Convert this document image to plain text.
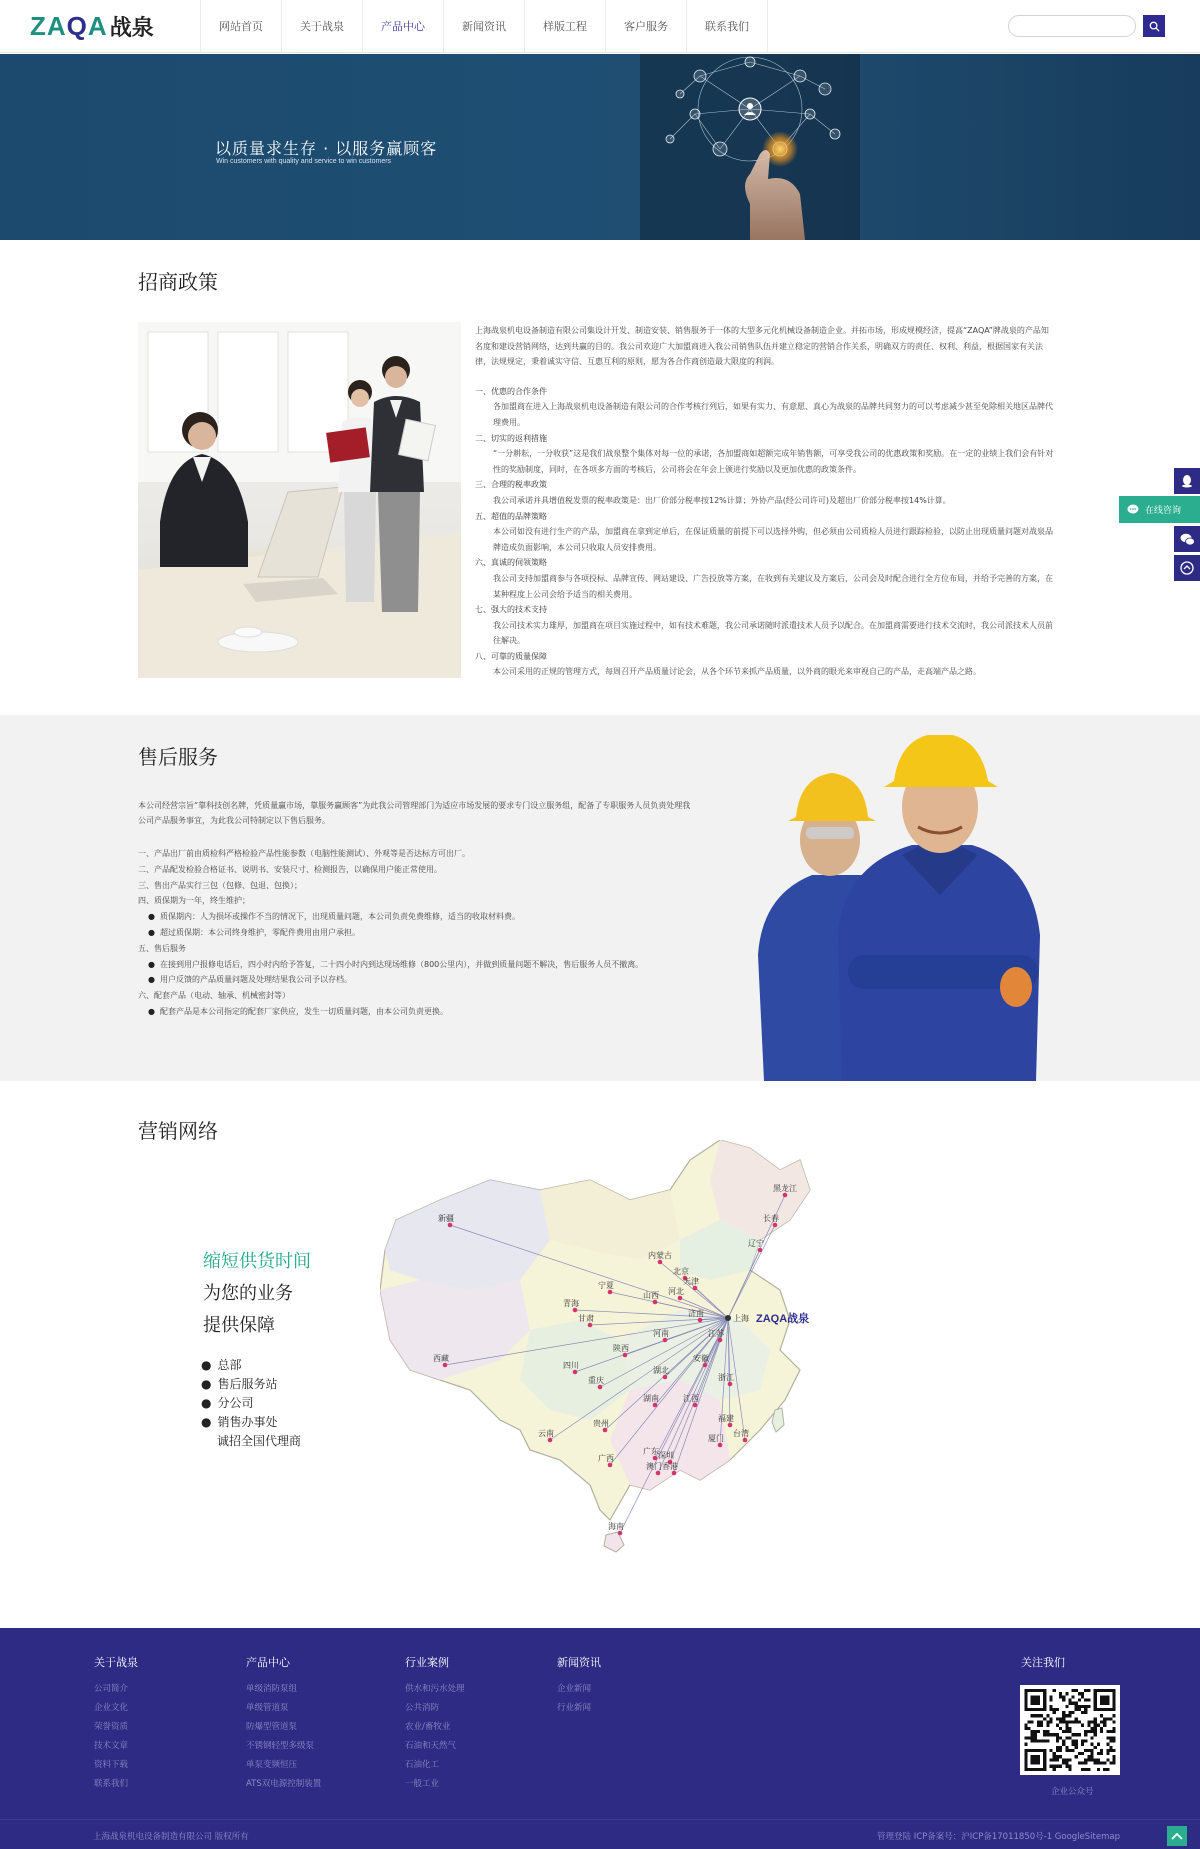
ZAQA 战泉	网站首页	关于战泉	产品中心	新闻资讯	样版工程	客户服务	联系我们
以质量求生存 · 以服务赢顾客
Win customers with quality and service to win customers
招商政策

上海战泉机电设备制造有限公司集设计开发、制造安装、销售服务于一体的大型多元化机械设备制造企业。并拓市场，形成规模经济，提高“ZAQA”牌战泉的产品知名度和建设营销网络，达到共赢的目的。我公司欢迎广大加盟商进入我公司销售队伍并建立稳定的营销合作关系，明确双方的责任、权利、利益，根据国家有关法律，法规规定，秉着诚实守信、互惠互利的原则，愿为各合作商创造最大限度的利润。

一、优惠的合作条件

各加盟商在进入上海战泉机电设备制造有限公司的合作考核行列后，如果有实力、有意愿、真心为战泉的品牌共同努力的可以考虑减少甚至免除相关地区品牌代理费用。

二、切实的返利措施

“一分耕耘，一分收获”这是我们战泉整个集体对每一位的承诺，各加盟商如超额完成年销售额，可享受我公司的优惠政策和奖励。在一定的业绩上我们会有针对性的奖励制度，同时，在各项多方面的考核后，公司将会在年会上颁进行奖励以及更加优惠的政策条件。

三、合理的税率政策

我公司承诺并具增值税发票的税率政策是：出厂价部分税率按12%计算；外协产品(经公司许可)及超出厂价部分税率按14%计算。

五、超值的品牌策略

本公司如没有进行生产的产品，加盟商在拿到定单后，在保证质量的前提下可以选择外购，但必须由公司质检人员进行跟踪检验，以防止出现质量问题对战泉品牌造成负面影响，本公司只收取人员安排费用。

六、真诚的伺领策略

我公司支持加盟商参与各项投标、品牌宣传、网站建设、广告投放等方案，在收到有关建议及方案后，公司会及时配合进行全方位布局，并给予完善的方案，在某种程度上公司会给予适当的相关费用。

七、强大的技术支持

我公司技术实力雄厚，加盟商在项目实施过程中，如有技术难题，我公司承诺随时派遣技术人员予以配合。在加盟商需要进行技术交流时，我公司派技术人员前往解决。

八、可靠的质量保障

本公司采用的正规的管理方式，每周召开产品质量讨论会，从各个环节来抓产品质量，以外商的眼光来审视自己的产品，走高端产品之路。

售后服务
本公司经营宗旨“靠科技创名牌，凭质量赢市场，靠服务赢顾客”为此我公司管理部门为适应市场发展的要求专门设立服务组，配备了专职服务人员负责处理我公司产品服务事宜，为此我公司特制定以下售后服务。
一、产品出厂前由质检科严格检验产品性能参数（电脑性能测试）、外观等是否达标方可出厂。
二、产品配发检验合格证书、说明书、安装尺寸、检测报告，以确保用户能正常使用。
三、售出产品实行三包（包修、包退、包换）；
四、质保期为一年，终生维护；
● 质保期内：人为损坏或操作不当的情况下，出现质量问题，本公司负责免费维修，适当的收取材料费。
● 超过质保期：本公司终身维护，零配件费用由用户承担。
五、售后服务
● 在接到用户报修电话后，四小时内给予答复，二十四小时内到达现场维修（800公里内），并做到质量问题不解决，售后服务人员不撤离。
● 用户反馈的产品质量问题及处理结果我公司予以存档。
六、配套产品（电动、轴承、机械密封等）
● 配套产品是本公司指定的配套厂家供应，发生一切质量问题，由本公司负责更换。
营销网络
缩短供货时间
为您的业务
提供保障
● 总部
● 售后服务站
● 分公司
● 销售办事处
诚招全国代理商
新疆
黑龙江
长春
辽宁
内蒙古
北京
天津
宁夏
河北
山西
济南
青海
甘肃
河南
陕西
西藏
四川
重庆
安徽
江苏
湖北
浙江
湖南	江西
福建
云南
贵州
厦门
台湾
广西
广东 深圳
澳门 香港
海南
上海 ZAQA战泉
关于战泉
公司简介
企业文化
荣誉资质
技术文章
资料下载
联系我们
产品中心
单级消防泵组
单级管道泵
防爆型管道泵
不锈钢轻型多级泵
单泵变频恒压
ATS双电源控制装置
行业案例
供水和污水处理
公共消防
农业/畜牧业
石油和天然气
石油化工
一般工业
新闻资讯
企业新闻
行业新闻
关注我们
企业公众号
上海战泉机电设备制造有限公司 版权所有	管理登陆 ICP备案号：沪ICP备17011850号-1 GoogleSitemap
在线咨询
